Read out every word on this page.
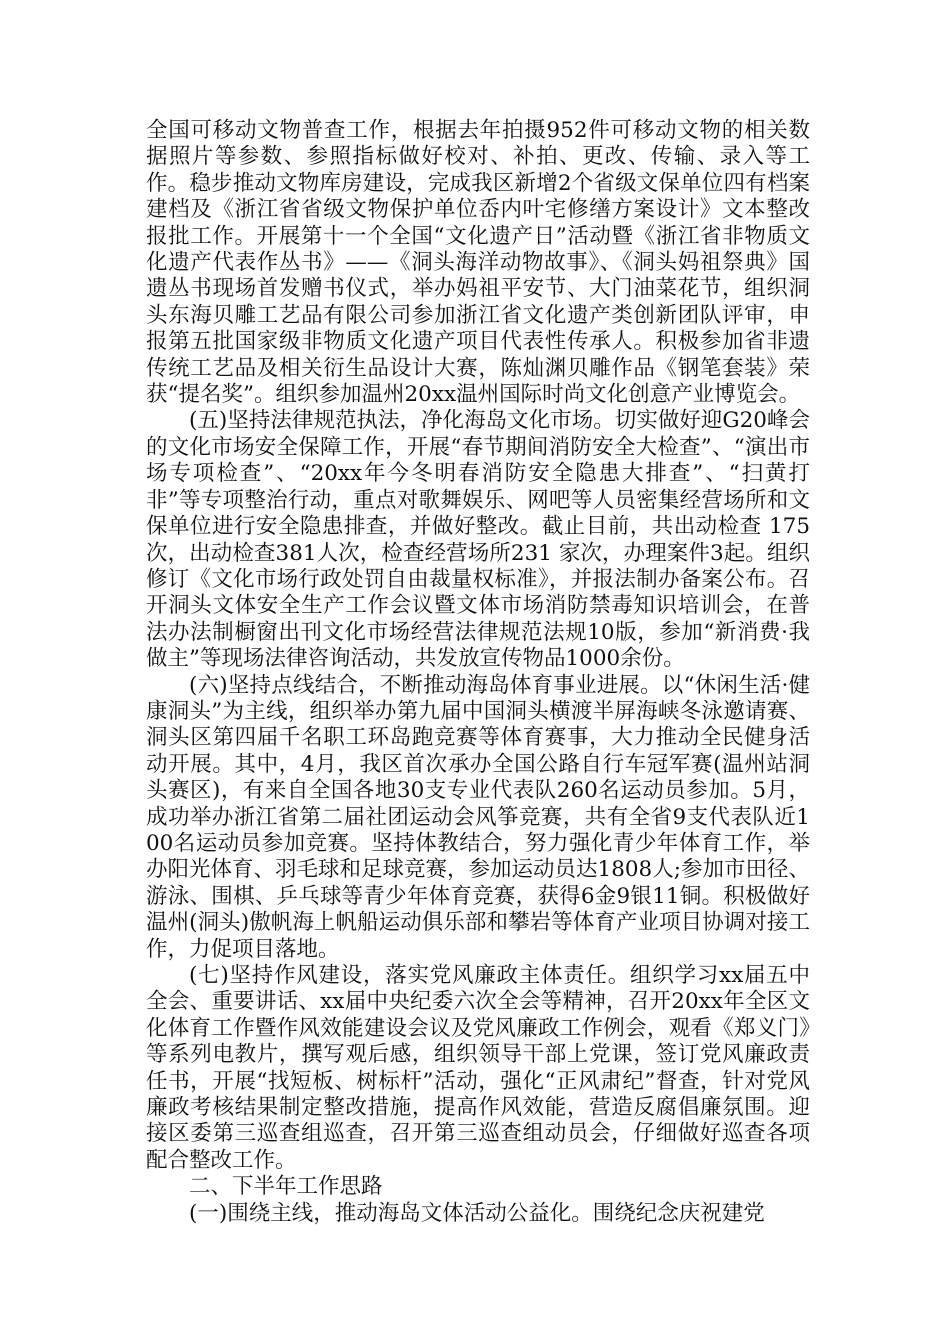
全国可移动文物普查工作，根据去年拍摄952件可移动文物的相关数据照片等参数、参照指标做好校对、补拍、更改、传输、录入等工作。稳步推动文物库房建设，完成我区新增2个省级文保单位四有档案建档及《浙江省省级文物保护单位岙内叶宅修缮方案设计》文本整改报批工作。开展第十一个全国“文化遗产日”活动暨《浙江省非物质文化遗产代表作丛书》——《洞头海洋动物故事》、《洞头妈祖祭典》国遗丛书现场首发赠书仪式，举办妈祖平安节、大门油菜花节，组织洞头东海贝雕工艺品有限公司参加浙江省文化遗产类创新团队评审，申报第五批国家级非物质文化遗产项目代表性传承人。积极参加省非遗传统工艺品及相关衍生品设计大赛，陈灿渊贝雕作品《钢笔套装》荣获“提名奖”。组织参加温州20xx温州国际时尚文化创意产业博览会。

(五)坚持法律规范执法，净化海岛文化市场。切实做好迎G20峰会的文化市场安全保障工作，开展“春节期间消防安全大检查”、“演出市场专项检查”、“20xx年今冬明春消防安全隐患大排查”、“扫黄打非”等专项整治行动，重点对歌舞娱乐、网吧等人员密集经营场所和文保单位进行安全隐患排查，并做好整改。截止目前，共出动检查 175 次，出动检查381人次，检查经营场所231 家次，办理案件3起。组织修订《文化市场行政处罚自由裁量权标准》，并报法制办备案公布。召开洞头文体安全生产工作会议暨文体市场消防禁毒知识培训会，在普法办法制橱窗出刊文化市场经营法律规范法规10版，参加“新消费·我做主”等现场法律咨询活动，共发放宣传物品1000余份。

(六)坚持点线结合，不断推动海岛体育事业进展。以“休闲生活·健康洞头”为主线，组织举办第九届中国洞头横渡半屏海峡冬泳邀请赛、洞头区第四届千名职工环岛跑竞赛等体育赛事，大力推动全民健身活动开展。其中，4月，我区首次承办全国公路自行车冠军赛(温州站洞头赛区)，有来自全国各地30支专业代表队260名运动员参加。5月，成功举办浙江省第二届社团运动会风筝竞赛，共有全省9支代表队近100名运动员参加竞赛。坚持体教结合，努力强化青少年体育工作，举办阳光体育、羽毛球和足球竞赛，参加运动员达1808人;参加市田径、游泳、围棋、乒乓球等青少年体育竞赛，获得6金9银11铜。积极做好温州(洞头)傲帆海上帆船运动俱乐部和攀岩等体育产业项目协调对接工作，力促项目落地。

(七)坚持作风建设，落实党风廉政主体责任。组织学习xx届五中全会、重要讲话、xx届中央纪委六次全会等精神，召开20xx年全区文化体育工作暨作风效能建设会议及党风廉政工作例会，观看《郑义门》等系列电教片，撰写观后感，组织领导干部上党课，签订党风廉政责任书，开展“找短板、树标杆”活动，强化“正风肃纪”督查，针对党风廉政考核结果制定整改措施，提高作风效能，营造反腐倡廉氛围。迎接区委第三巡查组巡查，召开第三巡查组动员会，仔细做好巡查各项配合整改工作。

二、下半年工作思路

(一)围绕主线，推动海岛文体活动公益化。围绕纪念庆祝建党
